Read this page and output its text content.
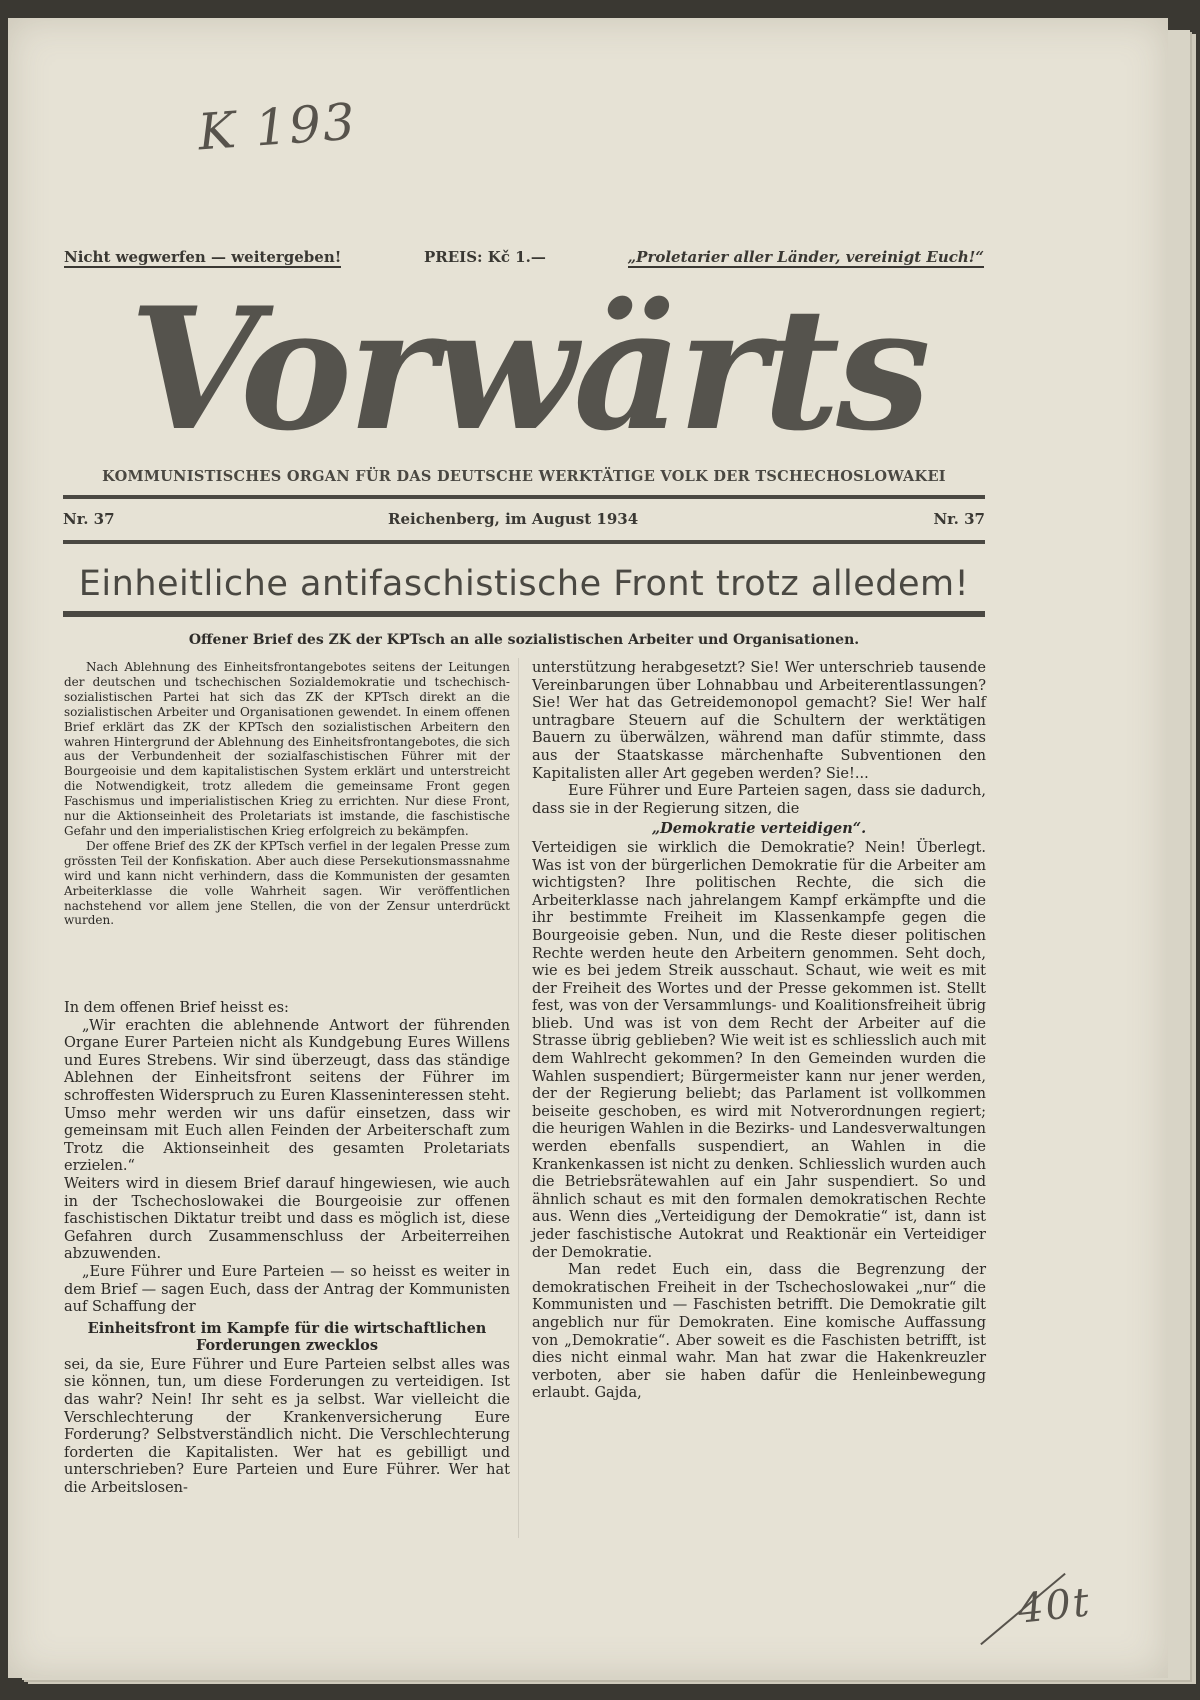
K 193
40t
Nicht wegwerfen — weitergeben!	PREIS: Kč 1.—	„Proletarier aller Länder, vereinigt Euch!“
Vorwärts
KOMMUNISTISCHES ORGAN FÜR DAS DEUTSCHE WERKTÄTIGE VOLK DER TSCHECHOSLOWAKEI
Nr. 37	Reichenberg, im August 1934	Nr. 37
Einheitliche antifaschistische Front trotz alledem!
Offener Brief des ZK der KPTsch an alle sozialistischen Arbeiter und Organisationen.

Nach Ablehnung des Einheitsfrontangebotes seitens der Leitungen der deutschen und tschechischen Sozialdemokratie und tschechisch-sozialistischen Partei hat sich das ZK der KPTsch direkt an die sozialistischen Arbeiter und Organisationen gewendet. In einem offenen Brief erklärt das ZK der KPTsch den sozialistischen Arbeitern den wahren Hintergrund der Ablehnung des Einheitsfrontangebotes, die sich aus der Verbundenheit der sozialfaschistischen Führer mit der Bourgeoisie und dem kapitalistischen System erklärt und unterstreicht die Notwendigkeit, trotz alledem die gemeinsame Front gegen Faschismus und imperialistischen Krieg zu errichten. Nur diese Front, nur die Aktionseinheit des Proletariats ist imstande, die faschistische Gefahr und den imperialistischen Krieg erfolgreich zu bekämpfen.

Der offene Brief des ZK der KPTsch verfiel in der legalen Presse zum grössten Teil der Konfiskation. Aber auch diese Persekutionsmassnahme wird und kann nicht verhindern, dass die Kommunisten der gesamten Arbeiterklasse die volle Wahrheit sagen. Wir veröffentlichen nachstehend vor allem jene Stellen, die von der Zensur unterdrückt wurden.

In dem offenen Brief heisst es:

„Wir erachten die ablehnende Antwort der führenden Organe Eurer Parteien nicht als Kundgebung Eures Willens und Eures Strebens. Wir sind überzeugt, dass das ständige Ablehnen der Einheitsfront seitens der Führer im schroffesten Widerspruch zu Euren Klasseninteressen steht. Umso mehr werden wir uns dafür einsetzen, dass wir gemeinsam mit Euch allen Feinden der Arbeiterschaft zum Trotz die Aktionseinheit des gesamten Proletariats erzielen.“

Weiters wird in diesem Brief darauf hingewiesen, wie auch in der Tschechoslowakei die Bourgeoisie zur offenen faschistischen Diktatur treibt und dass es möglich ist, diese Gefahren durch Zusammenschluss der Arbeiterreihen abzuwenden.

„Eure Führer und Eure Parteien — so heisst es weiter in dem Brief — sagen Euch, dass der Antrag der Kommunisten auf Schaffung der

Einheitsfront im Kampfe für die wirtschaftlichen Forderungen zwecklos

sei, da sie, Eure Führer und Eure Parteien selbst alles was sie können, tun, um diese Forderungen zu verteidigen. Ist das wahr? Nein! Ihr seht es ja selbst. War vielleicht die Verschlechterung der Krankenversicherung Eure Forderung? Selbstverständlich nicht. Die Verschlechterung forderten die Kapitalisten. Wer hat es gebilligt und unterschrieben? Eure Parteien und Eure Führer. Wer hat die Arbeitslosen-

unterstützung herabgesetzt? Sie! Wer unterschrieb tausende Vereinbarungen über Lohnabbau und Arbeiterentlassungen? Sie! Wer hat das Getreidemonopol gemacht? Sie! Wer half untragbare Steuern auf die Schultern der werktätigen Bauern zu überwälzen, während man dafür stimmte, dass aus der Staatskasse märchenhafte Subventionen den Kapitalisten aller Art gegeben werden? Sie!...

Eure Führer und Eure Parteien sagen, dass sie dadurch, dass sie in der Regierung sitzen, die

„Demokratie verteidigen“.

Verteidigen sie wirklich die Demokratie? Nein! Überlegt. Was ist von der bürgerlichen Demokratie für die Arbeiter am wichtigsten? Ihre politischen Rechte, die sich die Arbeiterklasse nach jahrelangem Kampf erkämpfte und die ihr bestimmte Freiheit im Klassenkampfe gegen die Bourgeoisie geben. Nun, und die Reste dieser politischen Rechte werden heute den Arbeitern genommen. Seht doch, wie es bei jedem Streik ausschaut. Schaut, wie weit es mit der Freiheit des Wortes und der Presse gekommen ist. Stellt fest, was von der Versammlungs- und Koalitionsfreiheit übrig blieb. Und was ist von dem Recht der Arbeiter auf die Strasse übrig geblieben? Wie weit ist es schliesslich auch mit dem Wahlrecht gekommen? In den Gemeinden wurden die Wahlen suspendiert; Bürgermeister kann nur jener werden, der der Regierung beliebt; das Parlament ist vollkommen beiseite geschoben, es wird mit Notverordnungen regiert; die heurigen Wahlen in die Bezirks- und Landesverwaltungen werden ebenfalls suspendiert, an Wahlen in die Krankenkassen ist nicht zu denken. Schliesslich wurden auch die Betriebsrätewahlen auf ein Jahr suspendiert. So und ähnlich schaut es mit den formalen demokratischen Rechte aus. Wenn dies „Verteidigung der Demokratie“ ist, dann ist jeder faschistische Autokrat und Reaktionär ein Verteidiger der Demokratie.

Man redet Euch ein, dass die Begrenzung der demokratischen Freiheit in der Tschechoslowakei „nur“ die Kommunisten und — Faschisten betrifft. Die Demokratie gilt angeblich nur für Demokraten. Eine komische Auffassung von „Demokratie“. Aber soweit es die Faschisten betrifft, ist dies nicht einmal wahr. Man hat zwar die Hakenkreuzler verboten, aber sie haben dafür die Henleinbewegung erlaubt. Gajda,
